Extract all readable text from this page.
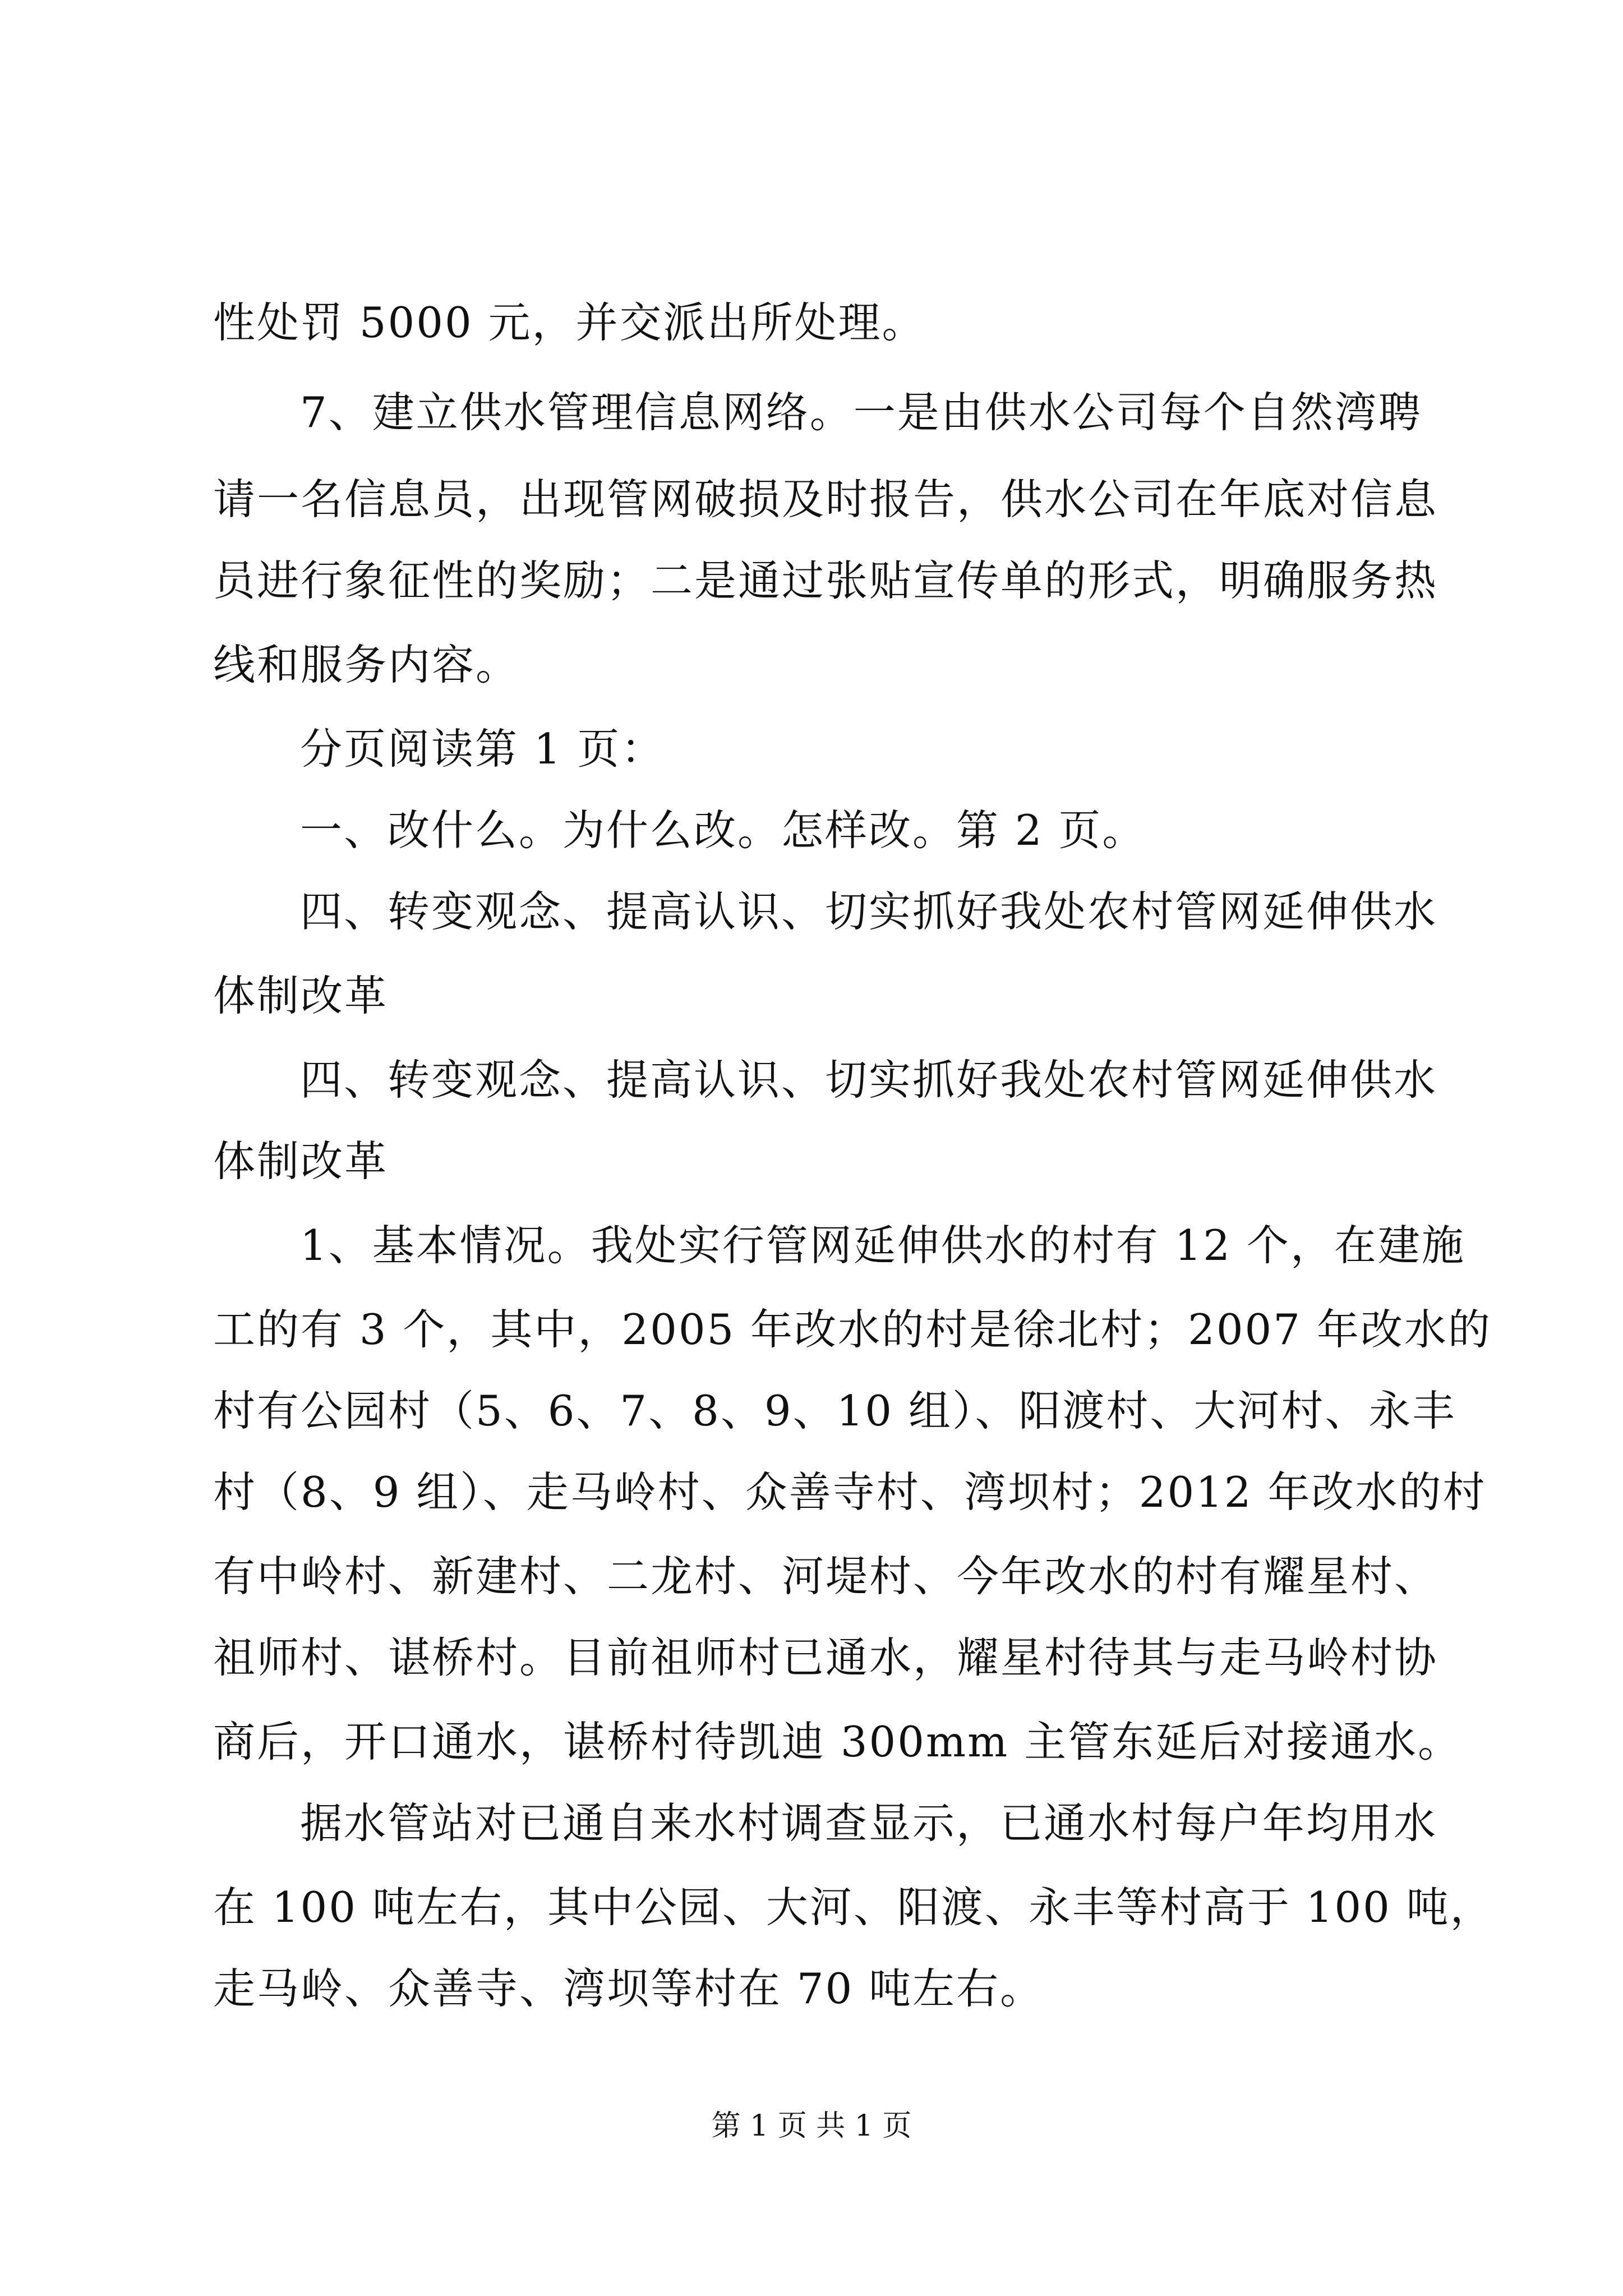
性处罚 5000 元，并交派出所处理。
7、建立供水管理信息网络。一是由供水公司每个自然湾聘
请一名信息员，出现管网破损及时报告，供水公司在年底对信息
员进行象征性的奖励；二是通过张贴宣传单的形式，明确服务热
线和服务内容。
分页阅读第 1 页：
一、改什么。为什么改。怎样改。第 2 页。
四、转变观念、提高认识、切实抓好我处农村管网延伸供水
体制改革
四、转变观念、提高认识、切实抓好我处农村管网延伸供水
体制改革
1、基本情况。我处实行管网延伸供水的村有 12 个，在建施
工的有 3 个，其中，2005 年改水的村是徐北村；2007 年改水的
村有公园村（5、6、7、8、9、10 组）、阳渡村、大河村、永丰
村（8、9 组）、走马岭村、众善寺村、湾坝村；2012 年改水的村
有中岭村、新建村、二龙村、河堤村、今年改水的村有耀星村、
祖师村、谌桥村。目前祖师村已通水，耀星村待其与走马岭村协
商后，开口通水，谌桥村待凯迪 300mm 主管东延后对接通水。
据水管站对已通自来水村调查显示，已通水村每户年均用水
在 100 吨左右，其中公园、大河、阳渡、永丰等村高于 100 吨，
走马岭、众善寺、湾坝等村在 70 吨左右。
第 1 页 共 1 页
